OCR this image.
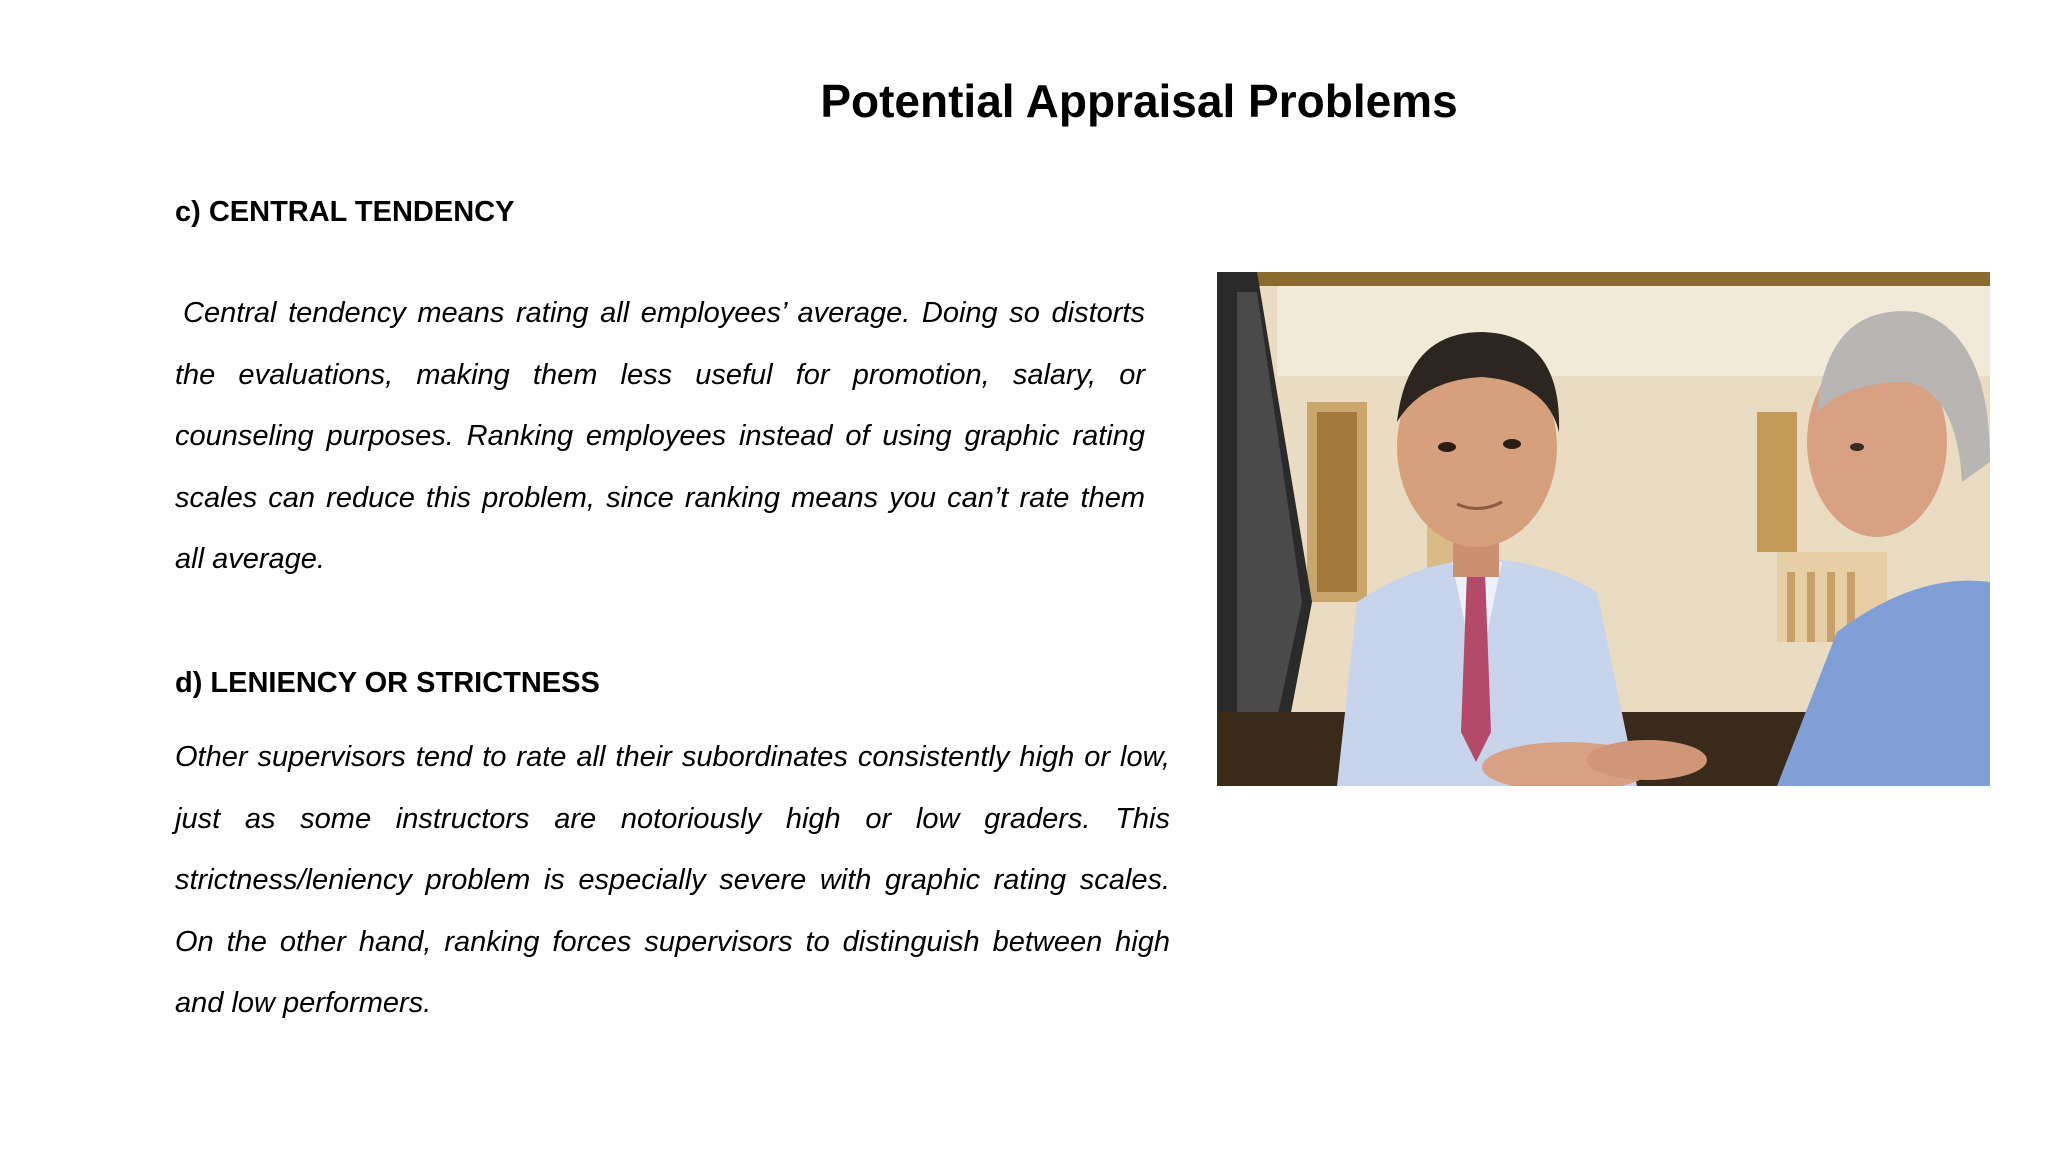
Potential Appraisal Problems
c) CENTRAL TENDENCY
Central tendency means rating all employees’ average. Doing so distorts the evaluations, making them less useful for promotion, salary, or counseling purposes. Ranking employees instead of using graphic rating scales can reduce this problem, since ranking means you can’t rate them all average.
d) LENIENCY OR STRICTNESS
Other supervisors tend to rate all their subordinates consistently high or low, just as some instructors are notoriously high or low graders. This strictness/leniency problem is especially severe with graphic rating scales. On the other hand, ranking forces supervisors to distinguish between high and low performers.
